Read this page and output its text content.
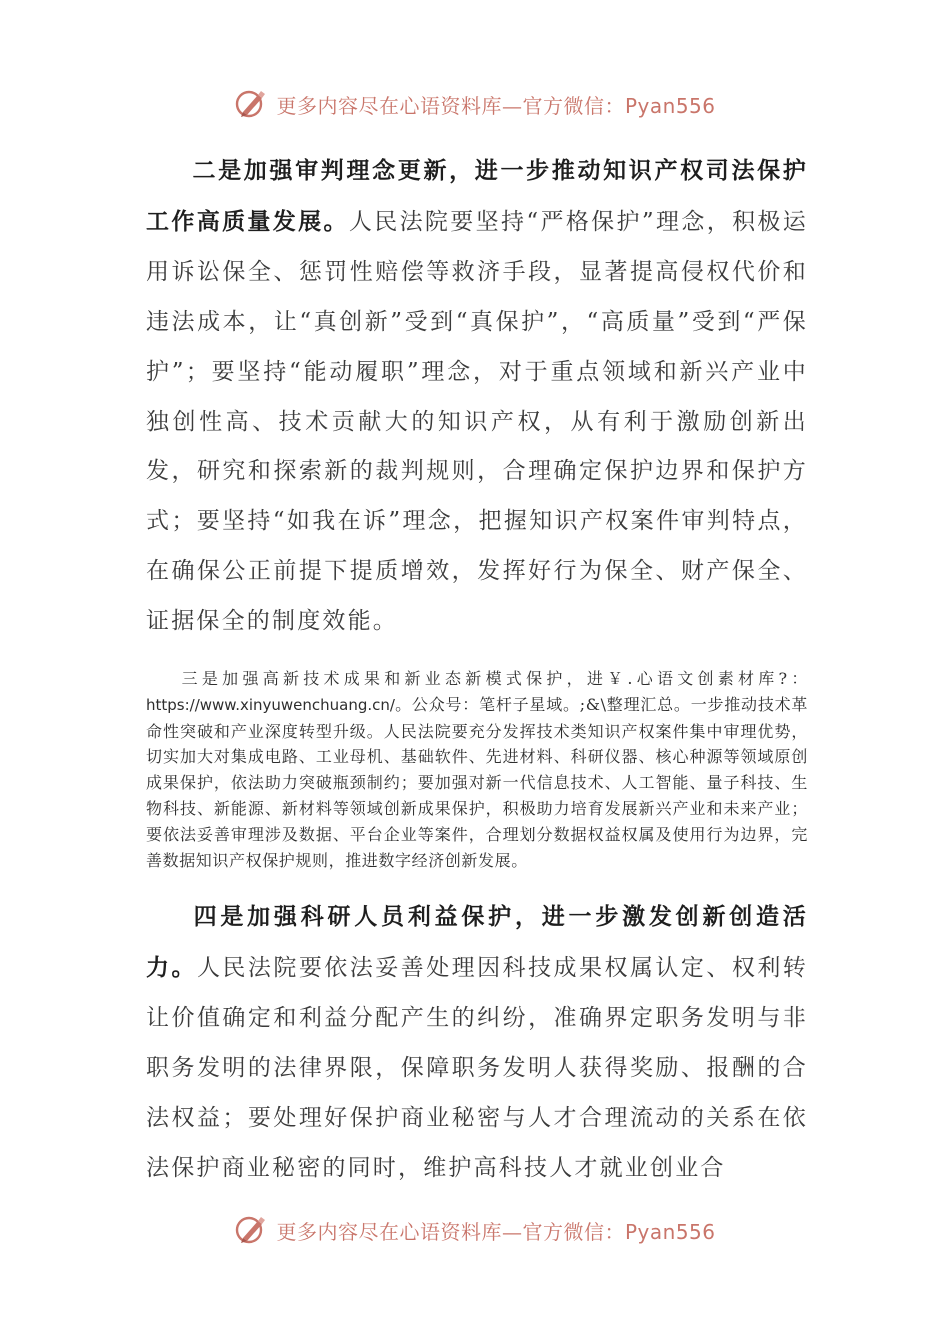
更多内容尽在心语资料库—官方微信：Pyan556

二是加强审判理念更新，进一步推动知识产权司法保护工作高质量发展。人民法院要坚持“严格保护”理念，积极运用诉讼保全、惩罚性赔偿等救济手段，显著提高侵权代价和违法成本，让“真创新”受到“真保护”，“高质量”受到“严保护”；要坚持“能动履职”理念，对于重点领域和新兴产业中独创性高、技术贡献大的知识产权，从有利于激励创新出发，研究和探索新的裁判规则，合理确定保护边界和保护方式；要坚持“如我在诉”理念，把握知识产权案件审判特点，在确保公正前提下提质增效，发挥好行为保全、财产保全、证据保全的制度效能。

三是加强高新技术成果和新业态新模式保护，进￥.心语文创素材库?：https://www.xinyuwenchuang.cn/。公众号：笔杆子星域。;&\整理汇总。一步推动技术革命性突破和产业深度转型升级。人民法院要充分发挥技术类知识产权案件集中审理优势，切实加大对集成电路、工业母机、基础软件、先进材料、科研仪器、核心种源等领域原创成果保护，依法助力突破瓶颈制约；要加强对新一代信息技术、人工智能、量子科技、生物科技、新能源、新材料等领域创新成果保护，积极助力培育发展新兴产业和未来产业；要依法妥善审理涉及数据、平台企业等案件，合理划分数据权益权属及使用行为边界，完善数据知识产权保护规则，推进数字经济创新发展。

四是加强科研人员利益保护，进一步激发创新创造活力。人民法院要依法妥善处理因科技成果权属认定、权利转让价值确定和利益分配产生的纠纷，准确界定职务发明与非职务发明的法律界限，保障职务发明人获得奖励、报酬的合法权益；要处理好保护商业秘密与人才合理流动的关系在依法保护商业秘密的同时，维护高科技人才就业创业合

更多内容尽在心语资料库—官方微信：Pyan556
